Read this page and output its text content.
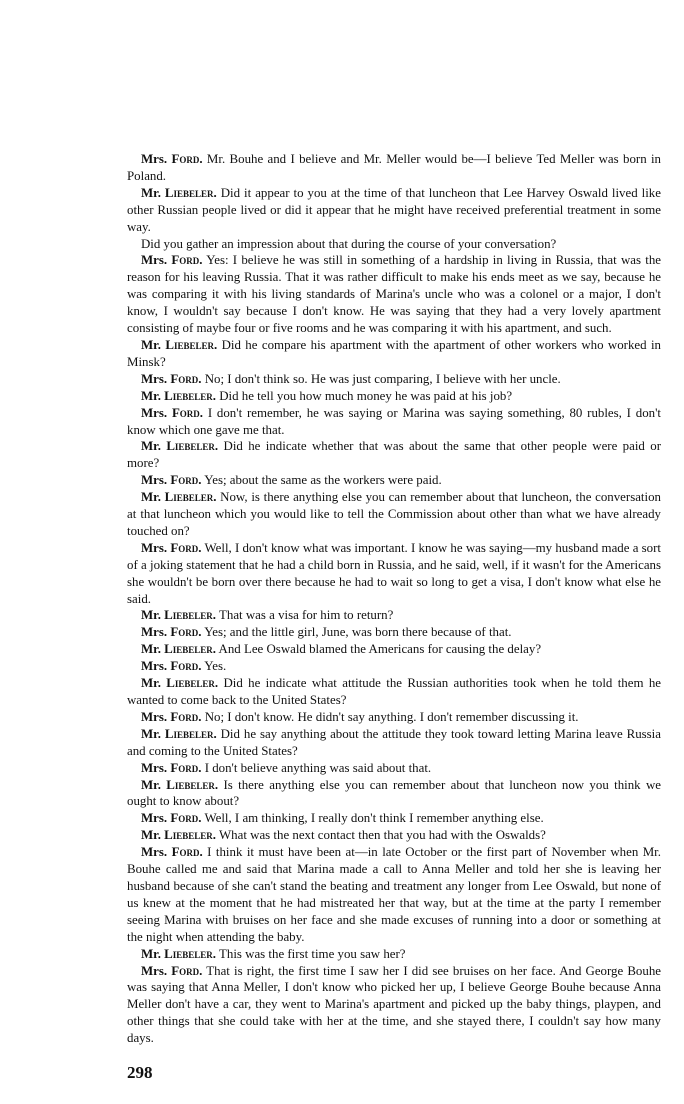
Mrs. Ford. Mr. Bouhe and I believe and Mr. Meller would be—I believe Ted Meller was born in Poland.

Mr. Liebeler. Did it appear to you at the time of that luncheon that Lee Harvey Oswald lived like other Russian people lived or did it appear that he might have received preferential treatment in some way.

Did you gather an impression about that during the course of your conversation?

Mrs. Ford. Yes: I believe he was still in something of a hardship in living in Russia, that was the reason for his leaving Russia. That it was rather difficult to make his ends meet as we say, because he was comparing it with his living standards of Marina's uncle who was a colonel or a major, I don't know, I wouldn't say because I don't know. He was saying that they had a very lovely apartment consisting of maybe four or five rooms and he was comparing it with his apartment, and such.

Mr. Liebeler. Did he compare his apartment with the apartment of other workers who worked in Minsk?

Mrs. Ford. No; I don't think so. He was just comparing, I believe with her uncle.

Mr. Liebeler. Did he tell you how much money he was paid at his job?

Mrs. Ford. I don't remember, he was saying or Marina was saying something, 80 rubles, I don't know which one gave me that.

Mr. Liebeler. Did he indicate whether that was about the same that other people were paid or more?

Mrs. Ford. Yes; about the same as the workers were paid.

Mr. Liebeler. Now, is there anything else you can remember about that luncheon, the conversation at that luncheon which you would like to tell the Commission about other than what we have already touched on?

Mrs. Ford. Well, I don't know what was important. I know he was saying—my husband made a sort of a joking statement that he had a child born in Russia, and he said, well, if it wasn't for the Americans she wouldn't be born over there because he had to wait so long to get a visa, I don't know what else he said.

Mr. Liebeler. That was a visa for him to return?

Mrs. Ford. Yes; and the little girl, June, was born there because of that.

Mr. Liebeler. And Lee Oswald blamed the Americans for causing the delay?

Mrs. Ford. Yes.

Mr. Liebeler. Did he indicate what attitude the Russian authorities took when he told them he wanted to come back to the United States?

Mrs. Ford. No; I don't know. He didn't say anything. I don't remember discussing it.

Mr. Liebeler. Did he say anything about the attitude they took toward letting Marina leave Russia and coming to the United States?

Mrs. Ford. I don't believe anything was said about that.

Mr. Liebeler. Is there anything else you can remember about that luncheon now you think we ought to know about?

Mrs. Ford. Well, I am thinking, I really don't think I remember anything else.

Mr. Liebeler. What was the next contact then that you had with the Oswalds?

Mrs. Ford. I think it must have been at—in late October or the first part of November when Mr. Bouhe called me and said that Marina made a call to Anna Meller and told her she is leaving her husband because of she can't stand the beating and treatment any longer from Lee Oswald, but none of us knew at the moment that he had mistreated her that way, but at the time at the party I remember seeing Marina with bruises on her face and she made excuses of running into a door or something at the night when attending the baby.

Mr. Liebeler. This was the first time you saw her?

Mrs. Ford. That is right, the first time I saw her I did see bruises on her face. And George Bouhe was saying that Anna Meller, I don't know who picked her up, I believe George Bouhe because Anna Meller don't have a car, they went to Marina's apartment and picked up the baby things, playpen, and other things that she could take with her at the time, and she stayed there, I couldn't say how many days.

298
